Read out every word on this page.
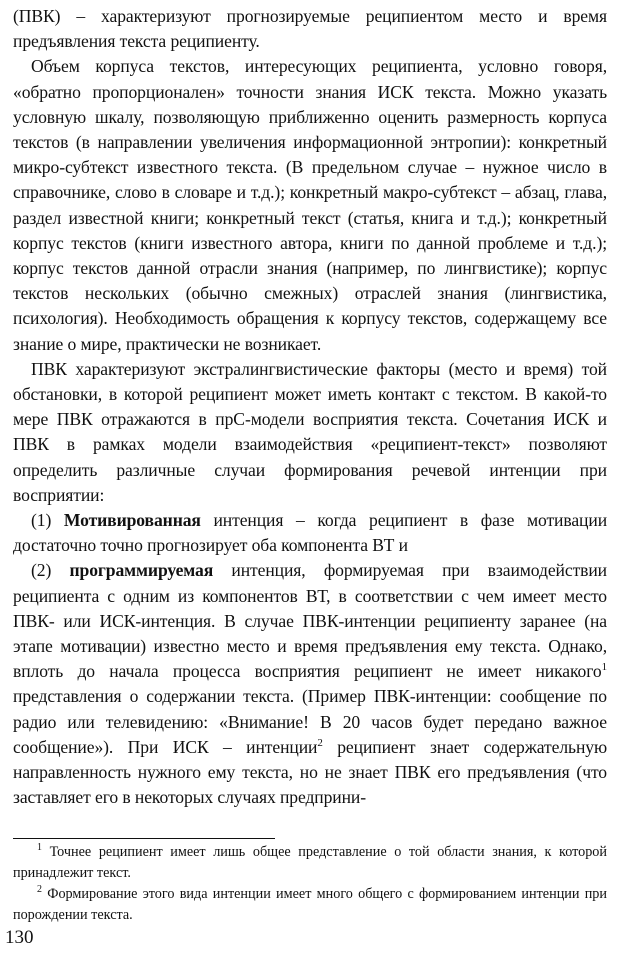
(ПВК) – характеризуют прогнозируемые реципиентом место и время предъявления текста реципиенту.

Объем корпуса текстов, интересующих реципиента, условно говоря, «обратно пропорционален» точности знания ИСК текста. Можно указать условную шкалу, позволяющую приближенно оценить размерность корпуса текстов (в направлении увеличения информационной энтропии): конкретный микро-субтекст известного текста. (В предельном случае – нужное число в справочнике, слово в словаре и т.д.); конкретный макро-субтекст – абзац, глава, раздел известной книги; конкретный текст (статья, книга и т.д.); конкретный корпус текстов (книги известного автора, книги по данной проблеме и т.д.); корпус текстов данной отрасли знания (например, по лингвистике); корпус текстов нескольких (обычно смежных) отраслей знания (лингвистика, психология). Необходимость обращения к корпусу текстов, содержащему все знание о мире, практически не возникает.

ПВК характеризуют экстралингвистические факторы (место и время) той обстановки, в которой реципиент может иметь контакт с текстом. В какой-то мере ПВК отражаются в прС-модели восприятия текста. Сочетания ИСК и ПВК в рамках модели взаимодействия «реципиент-текст» позволяют определить различные случаи формирования речевой интенции при восприятии:

(1) Мотивированная интенция – когда реципиент в фазе мотивации достаточно точно прогнозирует оба компонента ВТ и

(2) программируемая интенция, формируемая при взаимодействии реципиента с одним из компонентов ВТ, в соответствии с чем имеет место ПВК- или ИСК-интенция. В случае ПВК-интенции реципиенту заранее (на этапе мотивации) известно место и время предъявления ему текста. Однако, вплоть до начала процесса восприятия реципиент не имеет никакого$^1$ представления о содержании текста. (Пример ПВК-интенции: сообщение по радио или телевидению: «Внимание! В 20 часов будет передано важное сообщение»). При ИСК – интенции$^2$ реципиент знает содержательную направленность нужного ему текста, но не знает ПВК его предъявления (что заставляет его в некоторых случаях предприни-

$^1$ Точнее реципиент имеет лишь общее представление о той области знания, к которой принадлежит текст.

$^2$ Формирование этого вида интенции имеет много общего с формированием интенции при порождении текста.

130
